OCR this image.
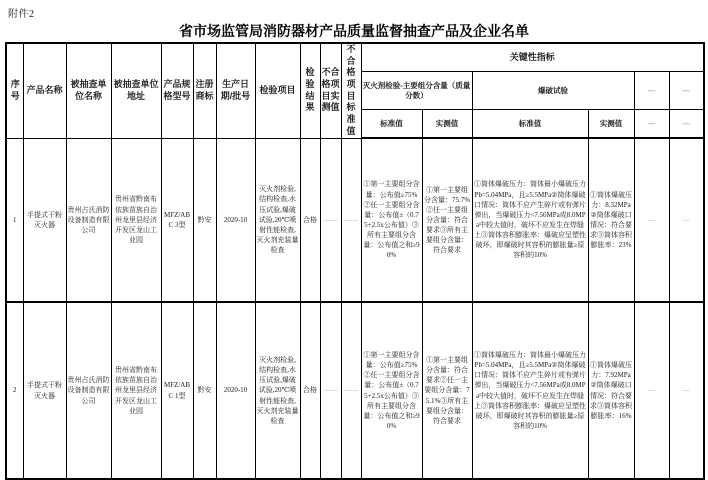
附件2
省市场监管局消防器材产品质量监督抽查产品及企业名单
序号	产品名称	被抽查单位名称	被抽查单位地址	产品规格型号	注册商标	生产日期/批号	检验项目	检验结果	不合格项目实测值	不合格项目标准值	关键性指标					
											灭火剂检验-主要组分含量（质量分数）		爆破试验		—	—
											标准值	实测值	标准值	实测值	—	—
1	手提式干粉灭火器	贵州占氏消防设备制造有限公司	贵州省黔南布依族苗族自治州龙里县经济开发区龙山工业园	MFZ/ABC 3型	黔安	2020-10	灭火剂检验,结构检查,水压试验,爆破试验,20℃喷射性能检查,灭火剂充装量检查	合格	——	——	①第一主要组分含量：公布值≥75%②任一主要组分含量：公布值±（0.75+2.5x公布值）③所有主要组分含量：公布值之和≥90%	①第一主要组分含量：75.7%②任一主要组分含量：符合要求③所有主要组分含量：符合要求	①筒体爆破压力：筒体最小爆破压力Pb=5.04MPa，且≥5.5MPa②筒体爆破口情况：筒体不应产生碎片或有弹片弹出，当爆破压力<7.56MPa或8.0MPa中较大值时，破坏不应发生在焊缝上③筒体容积膨胀率：爆破应呈塑性破坏，即爆破时其容积的膨胀量≥原容积的10%	①筒体爆破压力：8.32MPa②筒体爆破口情况：符合要求③筒体容积膨胀率：23%	—	—
2	手提式干粉灭火器	贵州占氏消防设备制造有限公司	贵州省黔南布依族苗族自治州龙里县经济开发区龙山工业园	MFZ/ABC 1型	黔安	2020-10	灭火剂检验,结构检查,水压试验,爆破试验,20℃喷射性能检查,灭火剂充装量检查	合格	——	——	①第一主要组分含量：公布值≥75%②任一主要组分含量：公布值±（0.75+2.5x公布值）③所有主要组分含量：公布值之和≥90%	①第一主要组分含量：符合要求②任一主要组分含量：75.1%③所有主要组分含量：符合要求	①筒体爆破压力：筒体最小爆破压力Pb=5.04MPa，且≥5.5MPa②筒体爆破口情况：筒体不应产生碎片或有弹片弹出，当爆破压力<7.56MPa或8.0MPa中较大值时，破坏不应发生在焊缝上③筒体容积膨胀率：爆破应呈塑性破坏，即爆破时其容积的膨胀量≥原容积的10%	①筒体爆破压力：7.92MPa②筒体爆破口情况：符合要求③筒体容积膨胀率：16%	—	—
